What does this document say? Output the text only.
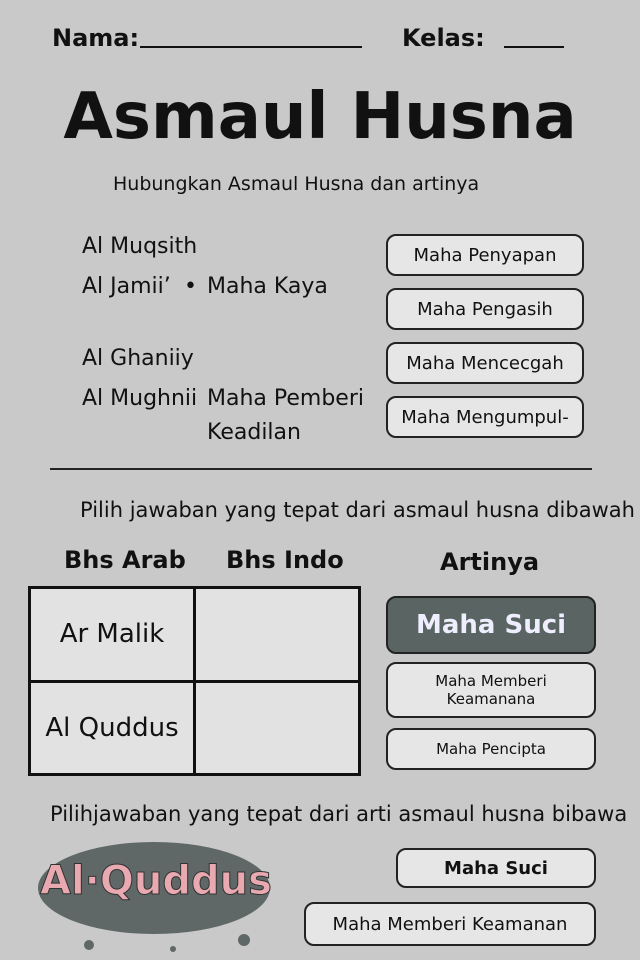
Nama:	Kelas:
Asmaul Husna
Hubungkan Asmaul Husna dan artinya
Al Muqsith
Al Jamii’ • Maha Kaya
Al Ghaniiy
Al Mughnii Maha Pemberi
Keadilan
Maha Penyapan
Maha Pengasih
Maha Mencecgah
Maha Mengumpul-
Pilih jawaban yang tepat dari asmaul husna dibawah
Bhs Arab Bhs Indo	Artinya
Ar Malik	
Al Quddus	
Maha Suci
Maha Memberi Keamanana
Maha Pencipta
Pilihjawaban yang tepat dari arti asmaul husna bibawa
Al·Quddus	Maha Suci
Maha Memberi Keamanan
